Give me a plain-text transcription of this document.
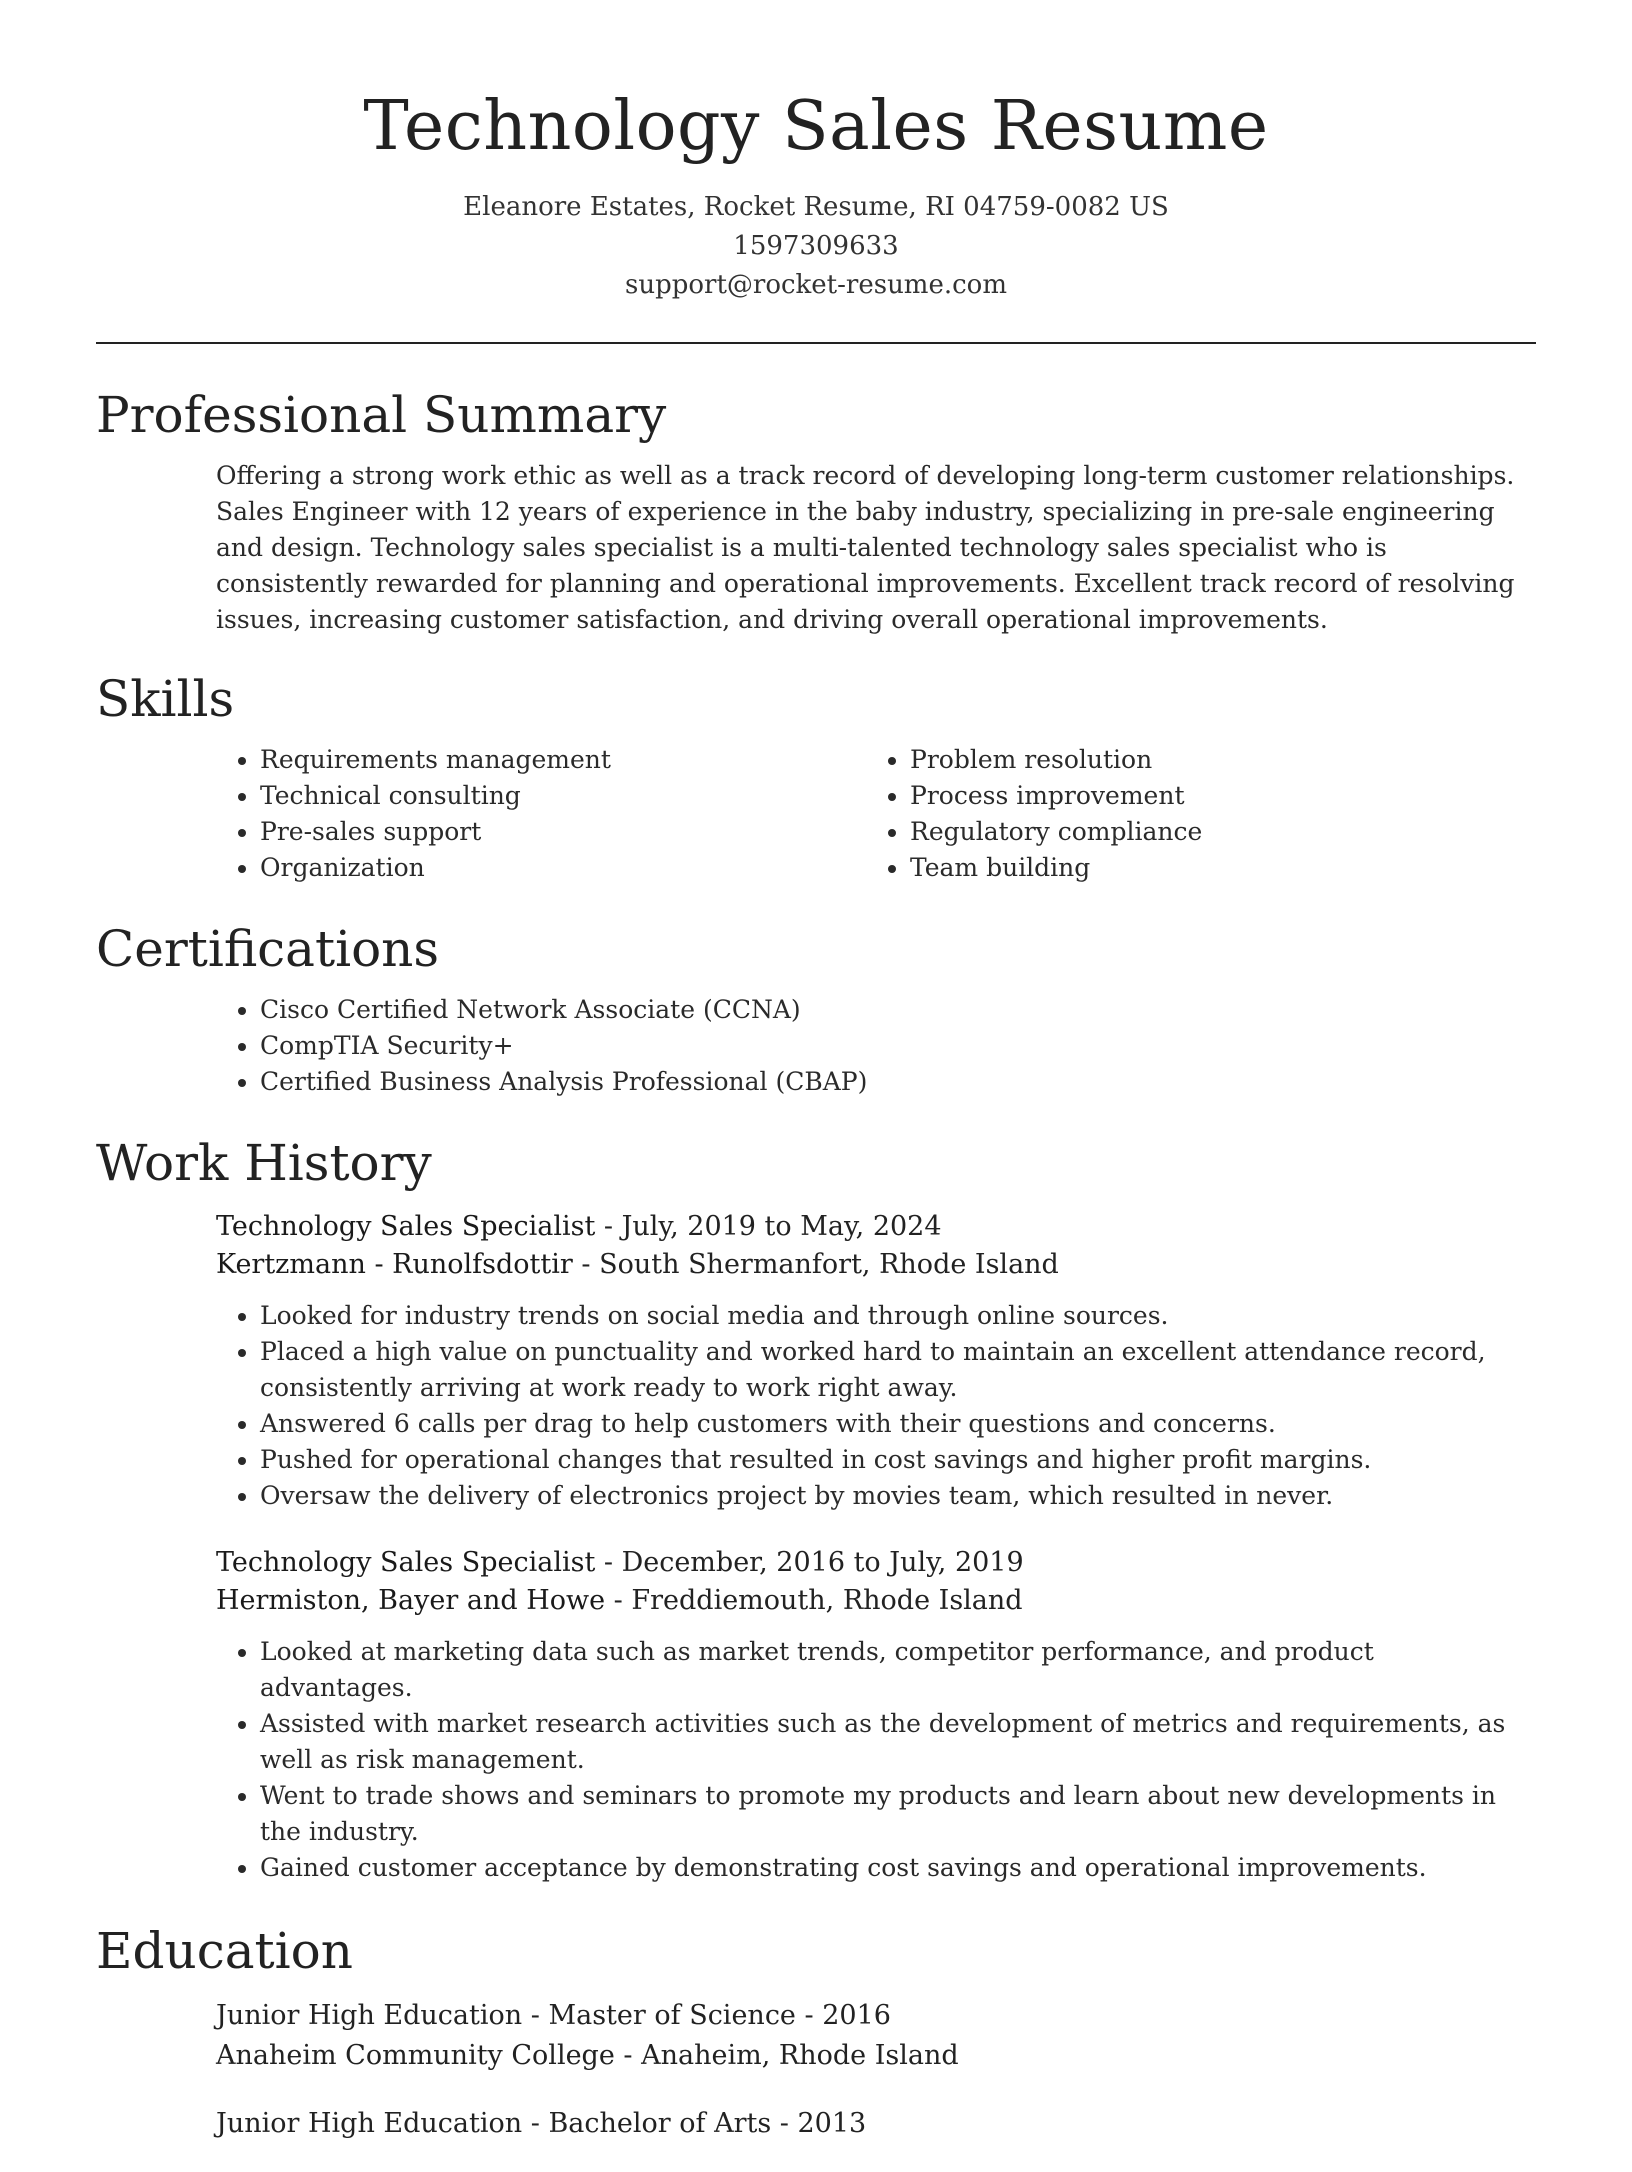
Technology Sales Resume
Eleanore Estates, Rocket Resume, RI 04759-0082 US
1597309633
support@rocket-resume.com
Professional Summary
Offering a strong work ethic as well as a track record of developing long-term customer relationships. Sales Engineer with 12 years of experience in the baby industry, specializing in pre-sale engineering and design. Technology sales specialist is a multi-talented technology sales specialist who is consistently rewarded for planning and operational improvements. Excellent track record of resolving issues, increasing customer satisfaction, and driving overall operational improvements.
Skills
• Requirements management
• Technical consulting
• Pre-sales support
• Organization
• Problem resolution
• Process improvement
• Regulatory compliance
• Team building
Certifications
• Cisco Certified Network Associate (CCNA)
• CompTIA Security+
• Certified Business Analysis Professional (CBAP)
Work History
Technology Sales Specialist - July, 2019 to May, 2024
Kertzmann - Runolfsdottir - South Shermanfort, Rhode Island
• Looked for industry trends on social media and through online sources.
• Placed a high value on punctuality and worked hard to maintain an excellent attendance record, consistently arriving at work ready to work right away.
• Answered 6 calls per drag to help customers with their questions and concerns.
• Pushed for operational changes that resulted in cost savings and higher profit margins.
• Oversaw the delivery of electronics project by movies team, which resulted in never.
Technology Sales Specialist - December, 2016 to July, 2019
Hermiston, Bayer and Howe - Freddiemouth, Rhode Island
• Looked at marketing data such as market trends, competitor performance, and product advantages.
• Assisted with market research activities such as the development of metrics and requirements, as well as risk management.
• Went to trade shows and seminars to promote my products and learn about new developments in the industry.
• Gained customer acceptance by demonstrating cost savings and operational improvements.
Education
Junior High Education - Master of Science - 2016
Anaheim Community College - Anaheim, Rhode Island
Junior High Education - Bachelor of Arts - 2013
